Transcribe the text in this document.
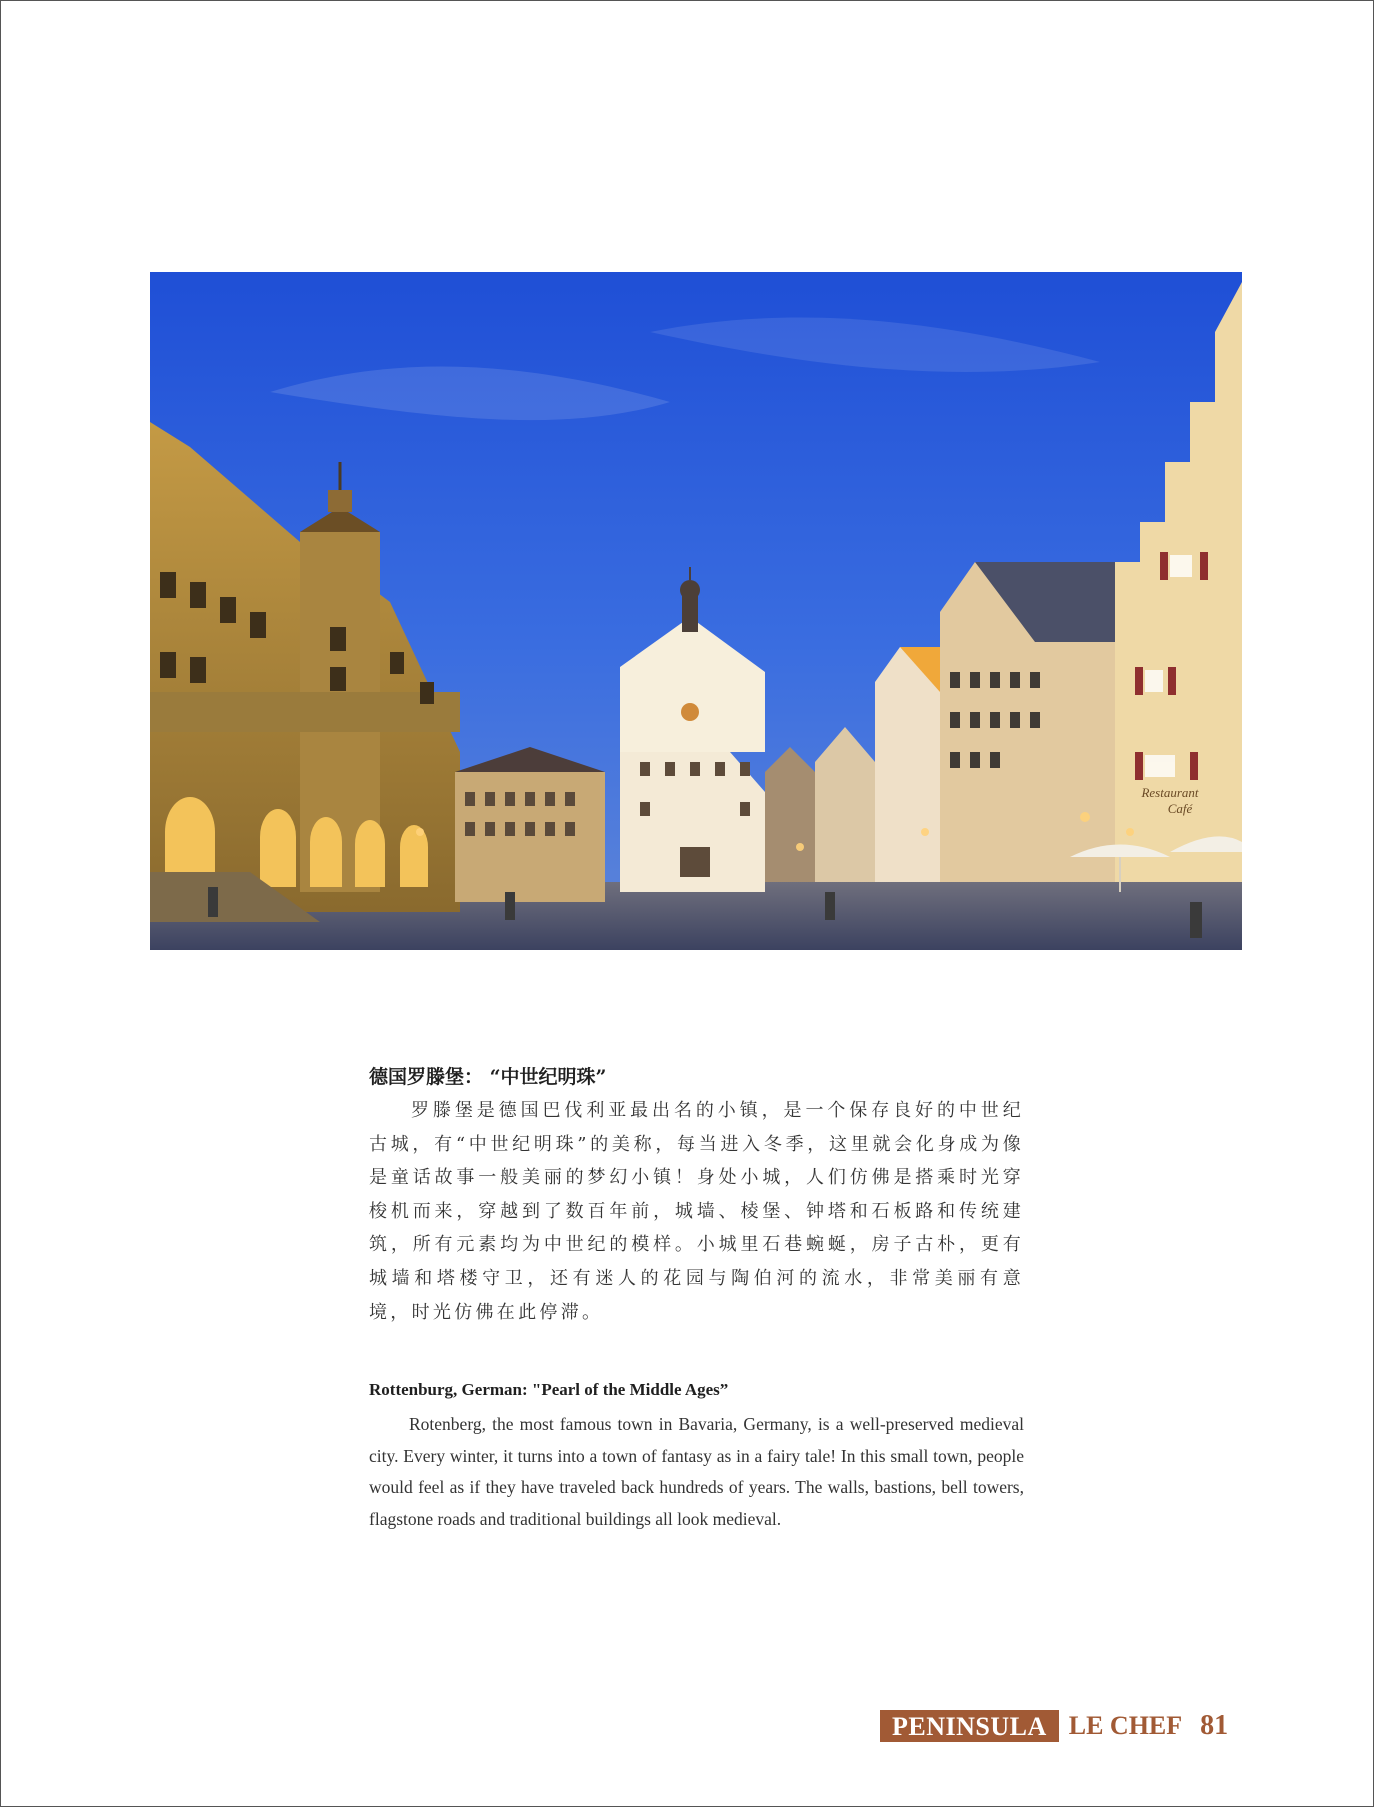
Restaurant
Café
德国罗滕堡： “中世纪明珠”
罗滕堡是德国巴伐利亚最出名的小镇，是一个保存良好的中世纪古城，有“中世纪明珠”的美称，每当进入冬季，这里就会化身成为像是童话故事一般美丽的梦幻小镇！身处小城，人们仿佛是搭乘时光穿梭机而来，穿越到了数百年前，城墙、棱堡、钟塔和石板路和传统建筑，所有元素均为中世纪的模样。小城里石巷蜿蜒，房子古朴，更有城墙和塔楼守卫，还有迷人的花园与陶伯河的流水，非常美丽有意境，时光仿佛在此停滞。
Rottenburg, German: "Pearl of the Middle Ages”
Rotenberg, the most famous town in Bavaria, Germany, is a well-preserved medieval city. Every winter, it turns into a town of fantasy as in a fairy tale! In this small town, people would feel as if they have traveled back hundreds of years. The walls, bastions, bell towers, flagstone roads and traditional buildings all look medieval.
PENINSULA LE CHEF 81
